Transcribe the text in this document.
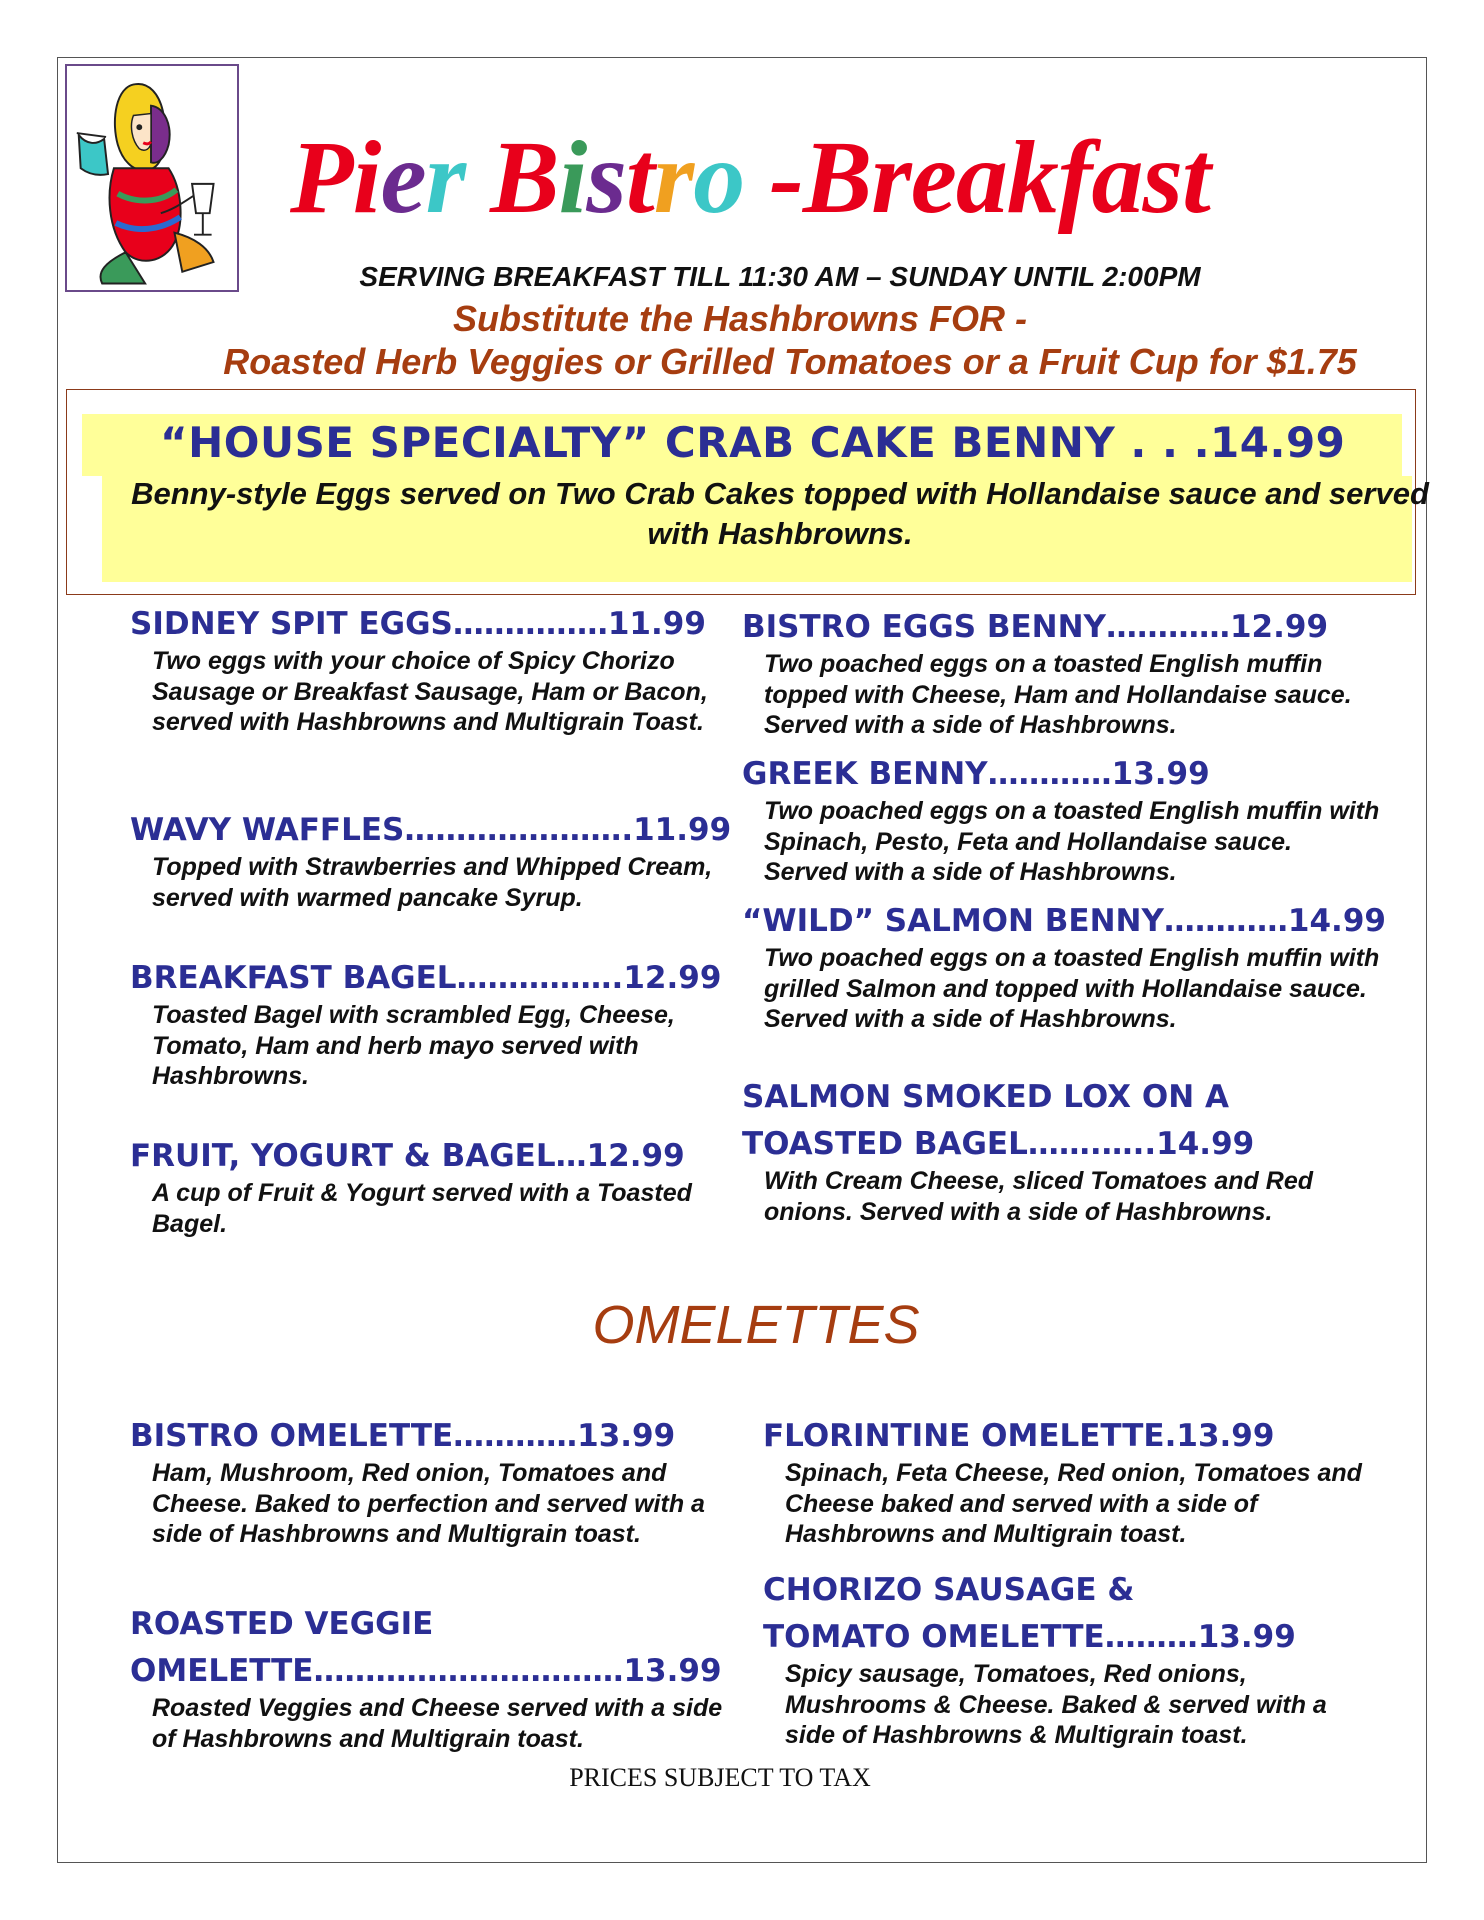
Pier Bistro -Breakfast
SERVING BREAKFAST TILL 11:30 AM – SUNDAY UNTIL 2:00PM
Substitute the Hashbrowns FOR -
Roasted Herb Veggies or Grilled Tomatoes or a Fruit Cup for $1.75
“HOUSE SPECIALTY” CRAB CAKE BENNY . . .14.99
Benny-style Eggs served on Two Crab Cakes topped with Hollandaise sauce and served with Hashbrowns.
SIDNEY SPIT EGGS……………11.99
Two eggs with your choice of Spicy Chorizo Sausage or Breakfast Sausage, Ham or Bacon, served with Hashbrowns and Multigrain Toast.
WAVY WAFFLES………………….11.99
Topped with Strawberries and Whipped Cream, served with warmed pancake Syrup.
BREAKFAST BAGEL…………….12.99
Toasted Bagel with scrambled Egg, Cheese, Tomato, Ham and herb mayo served with Hashbrowns.
FRUIT, YOGURT & BAGEL…12.99
A cup of Fruit & Yogurt served with a Toasted Bagel.
BISTRO EGGS BENNY…………12.99
Two poached eggs on a toasted English muffin topped with Cheese, Ham and Hollandaise sauce. Served with a side of Hashbrowns.
GREEK BENNY…………13.99
Two poached eggs on a toasted English muffin with Spinach, Pesto, Feta and Hollandaise sauce. Served with a side of Hashbrowns.
“WILD” SALMON BENNY…………14.99
Two poached eggs on a toasted English muffin with grilled Salmon and topped with Hollandaise sauce. Served with a side of Hashbrowns.
SALMON SMOKED LOX ON A
TOASTED BAGEL…….…..14.99
With Cream Cheese, sliced Tomatoes and Red onions. Served with a side of Hashbrowns.
OMELETTES
BISTRO OMELETTE…………13.99
Ham, Mushroom, Red onion, Tomatoes and Cheese. Baked to perfection and served with a side of Hashbrowns and Multigrain toast.
ROASTED VEGGIE
OMELETTE…………………………13.99
Roasted Veggies and Cheese served with a side of Hashbrowns and Multigrain toast.
FLORINTINE OMELETTE.13.99
Spinach, Feta Cheese, Red onion, Tomatoes and Cheese baked and served with a side of Hashbrowns and Multigrain toast.
CHORIZO SAUSAGE &
TOMATO OMELETTE………13.99
Spicy sausage, Tomatoes, Red onions, Mushrooms & Cheese. Baked & served with a side of Hashbrowns & Multigrain toast.
PRICES SUBJECT TO TAX
